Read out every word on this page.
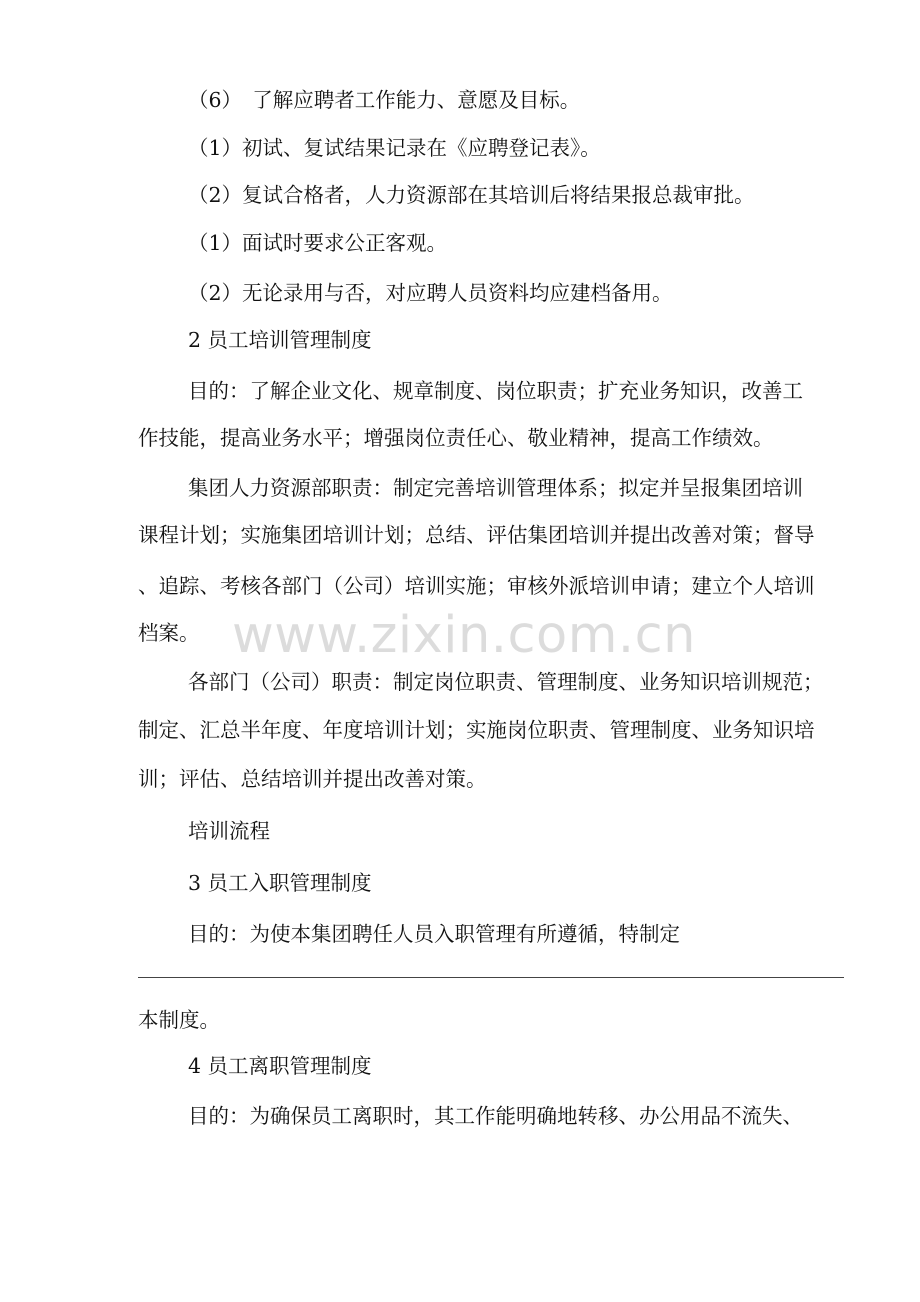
www.zixin.com.cn
（6）　了解应聘者工作能力、意愿及目标。
（1）初试、复试结果记录在《应聘登记表》。
（2）复试合格者，人力资源部在其培训后将结果报总裁审批。
（1）面试时要求公正客观。
（2）无论录用与否，对应聘人员资料均应建档备用。
2 员工培训管理制度
目的：了解企业文化、规章制度、岗位职责；扩充业务知识，改善工
作技能，提高业务水平；增强岗位责任心、敬业精神，提高工作绩效。
集团人力资源部职责：制定完善培训管理体系；拟定并呈报集团培训
课程计划；实施集团培训计划；总结、评估集团培训并提出改善对策；督导
、追踪、考核各部门（公司）培训实施；审核外派培训申请；建立个人培训
档案。
各部门（公司）职责：制定岗位职责、管理制度、业务知识培训规范；
制定、汇总半年度、年度培训计划；实施岗位职责、管理制度、业务知识培
训；评估、总结培训并提出改善对策。
培训流程
3 员工入职管理制度
目的：为使本集团聘任人员入职管理有所遵循，特制定
本制度。
4 员工离职管理制度
目的：为确保员工离职时，其工作能明确地转移、办公用品不流失、
